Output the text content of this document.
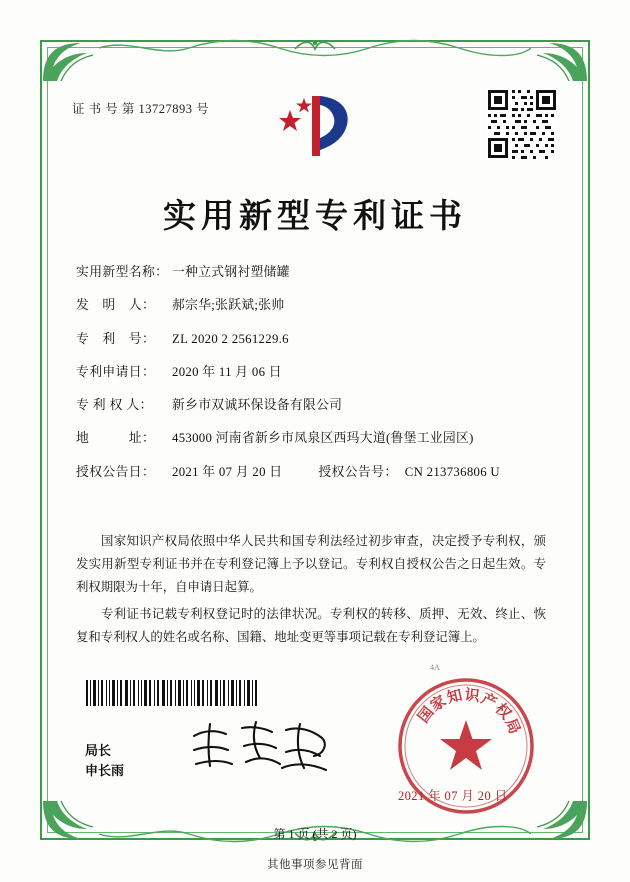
证 书 号 第 13727893 号
实用新型专利证书
实用新型名称： 一种立式钢衬塑储罐
发　明　人：	郝宗华;张跃斌;张帅
专　利　号：	ZL 2020 2 2561229.6
专利申请日：	2020 年 11 月 06 日
专 利 权 人：	新乡市双诚环保设备有限公司
地　　　址：	453000 河南省新乡市凤泉区西玛大道(鲁堡工业园区)
授权公告日：	2021 年 07 月 20 日	授权公告号： CN 213736806 U

国家知识产权局依照中华人民共和国专利法经过初步审查，决定授予专利权，颁发实用新型专利证书并在专利登记簿上予以登记。专利权自授权公告之日起生效。专利权期限为十年，自申请日起算。

专利证书记载专利权登记时的法律状况。专利权的转移、质押、无效、终止、恢复和专利权人的姓名或名称、国籍、地址变更等事项记载在专利登记簿上。

4A
国
家
知 识
产
权
局
2021 年 07 月 20 日
局长
申长雨
第 1 页 (共 2 页)
其他事项参见背面
